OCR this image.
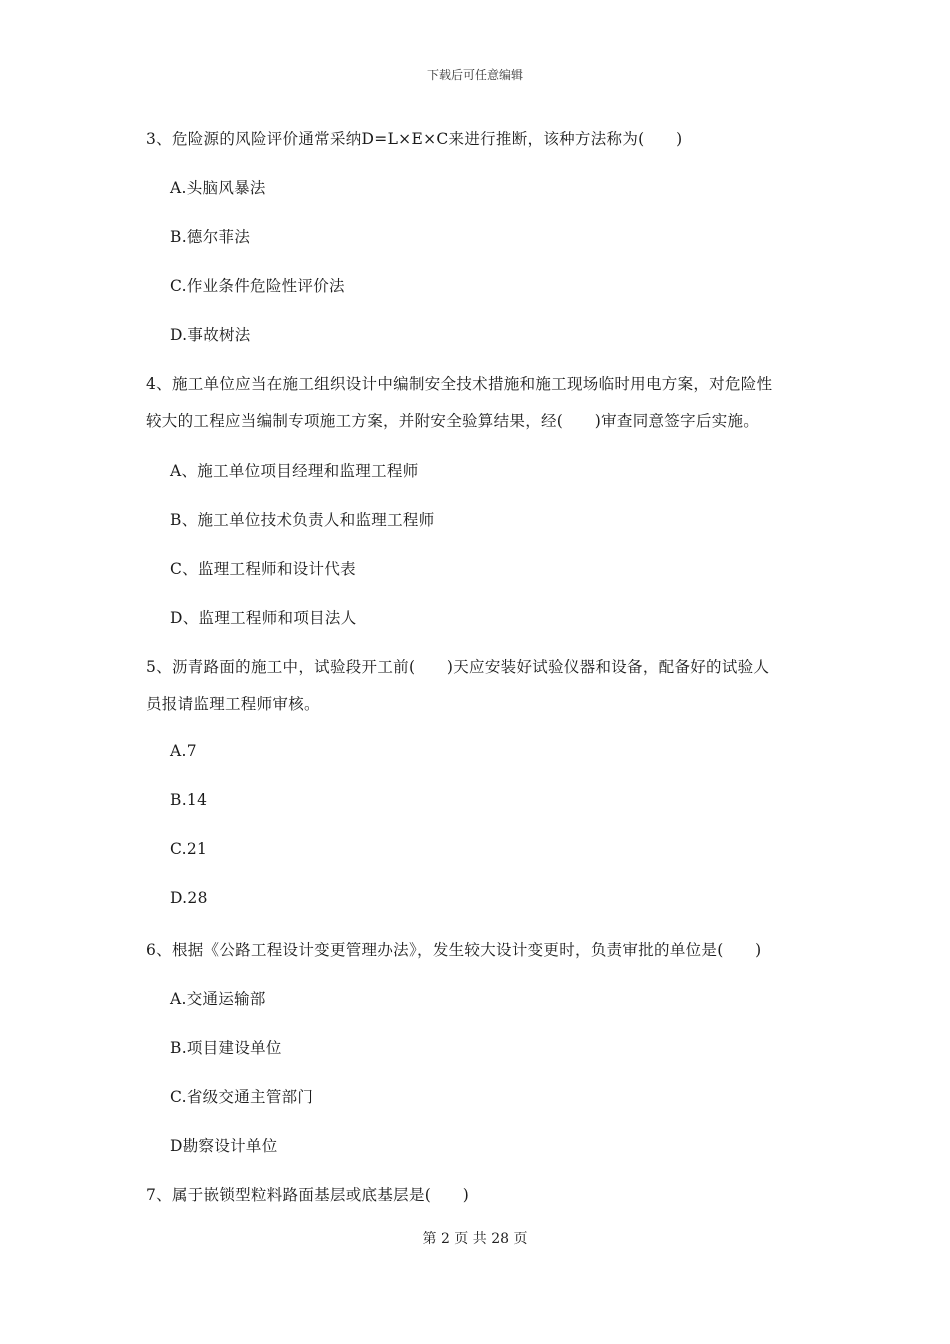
下载后可任意编辑
3、危险源的风险评价通常采纳D=L×E×C来进行推断，该种方法称为(　　)
A.头脑风暴法
B.德尔菲法
C.作业条件危险性评价法
D.事故树法
4、施工单位应当在施工组织设计中编制安全技术措施和施工现场临时用电方案，对危险性
较大的工程应当编制专项施工方案，并附安全验算结果，经(　　)审查同意签字后实施。
A、施工单位项目经理和监理工程师
B、施工单位技术负责人和监理工程师
C、监理工程师和设计代表
D、监理工程师和项目法人
5、沥青路面的施工中，试验段开工前(　　)天应安装好试验仪器和设备，配备好的试验人
员报请监理工程师审核。
A.7
B.14
C.21
D.28
6、根据《公路工程设计变更管理办法》，发生较大设计变更时，负责审批的单位是(　　)
A.交通运输部
B.项目建设单位
C.省级交通主管部门
D勘察设计单位
7、属于嵌锁型粒料路面基层或底基层是(　　)
第 2 页 共 28 页
